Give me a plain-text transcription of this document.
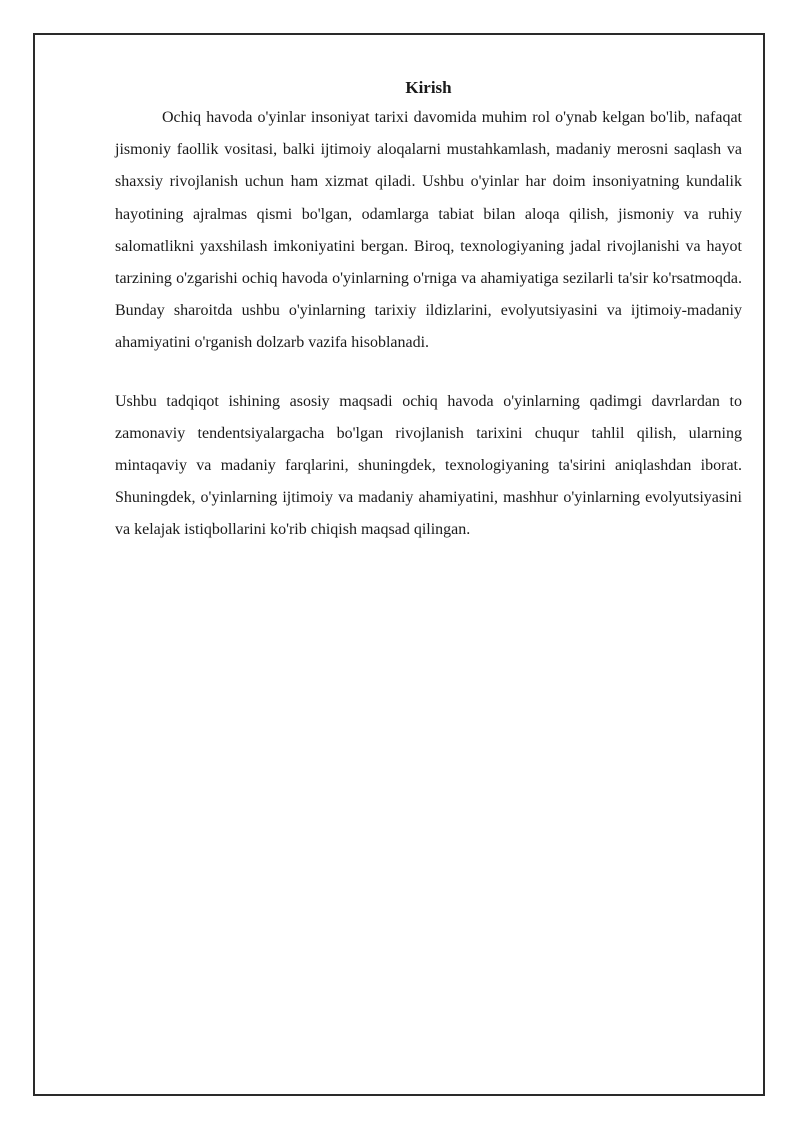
Kirish

Ochiq havoda o'yinlar insoniyat tarixi davomida muhim rol o'ynab kelgan bo'lib, nafaqat jismoniy faollik vositasi, balki ijtimoiy aloqalarni mustahkamlash, madaniy merosni saqlash va shaxsiy rivojlanish uchun ham xizmat qiladi. Ushbu o'yinlar har doim insoniyatning kundalik hayotining ajralmas qismi bo'lgan, odamlarga tabiat bilan aloqa qilish, jismoniy va ruhiy salomatlikni yaxshilash imkoniyatini bergan. Biroq, texnologiyaning jadal rivojlanishi va hayot tarzining o'zgarishi ochiq havoda o'yinlarning o'rniga va ahamiyatiga sezilarli ta'sir ko'rsatmoqda. Bunday sharoitda ushbu o'yinlarning tarixiy ildizlarini, evolyutsiyasini va ijtimoiy-madaniy ahamiyatini o'rganish dolzarb vazifa hisoblanadi.

Ushbu tadqiqot ishining asosiy maqsadi ochiq havoda o'yinlarning qadimgi davrlardan to zamonaviy tendentsiyalargacha bo'lgan rivojlanish tarixini chuqur tahlil qilish, ularning mintaqaviy va madaniy farqlarini, shuningdek, texnologiyaning ta'sirini aniqlashdan iborat. Shuningdek, o'yinlarning ijtimoiy va madaniy ahamiyatini, mashhur o'yinlarning evolyutsiyasini va kelajak istiqbollarini ko'rib chiqish maqsad qilingan.
